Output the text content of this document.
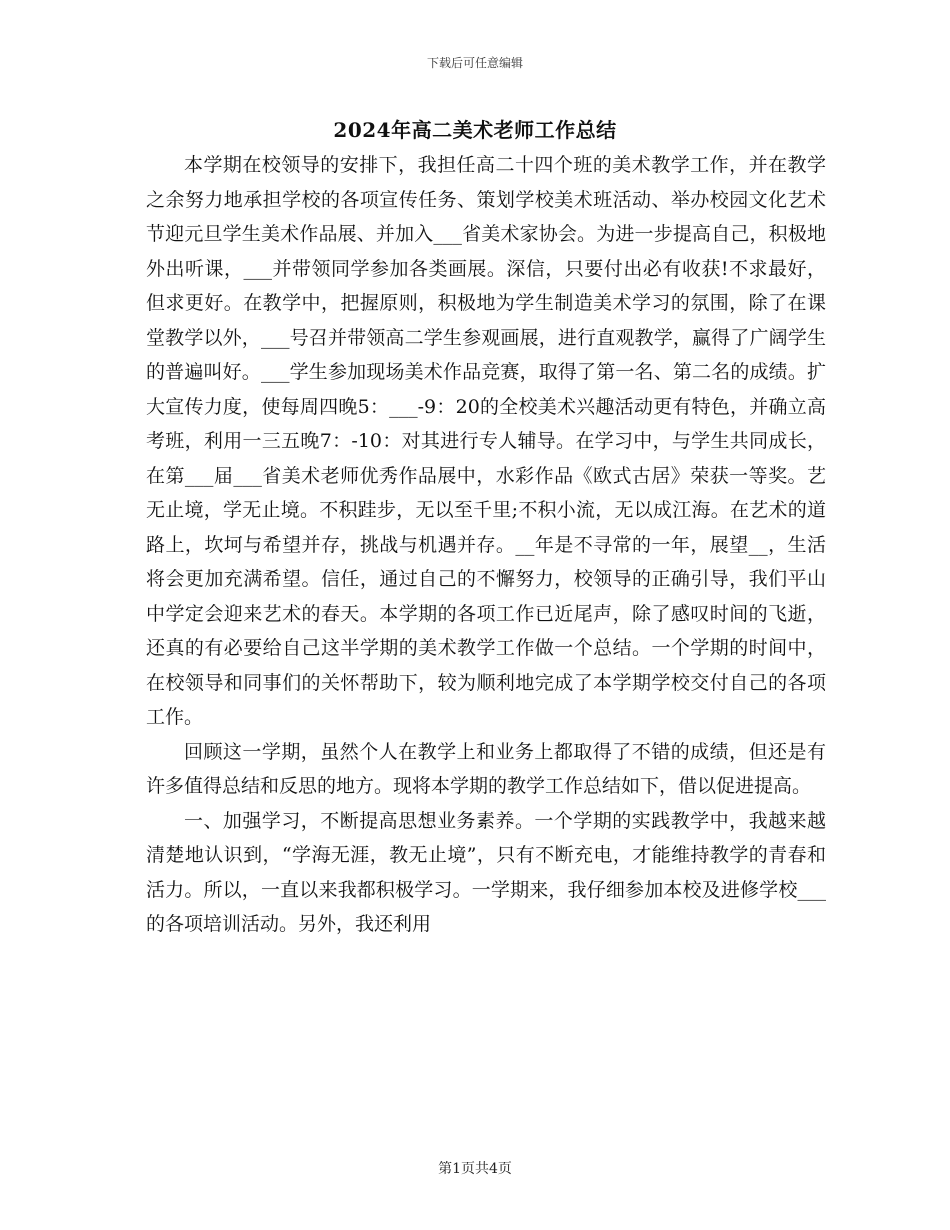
下载后可任意编辑
2024年高二美术老师工作总结

本学期在校领导的安排下，我担任高二十四个班的美术教学工作，并在教学之余努力地承担学校的各项宣传任务、策划学校美术班活动、举办校园文化艺术节迎元旦学生美术作品展、并加入___省美术家协会。为进一步提高自己，积极地外出听课，___并带领同学参加各类画展。深信，只要付出必有收获!不求最好，但求更好。在教学中，把握原则，积极地为学生制造美术学习的氛围，除了在课堂教学以外，___号召并带领高二学生参观画展，进行直观教学，赢得了广阔学生的普遍叫好。___学生参加现场美术作品竞赛，取得了第一名、第二名的成绩。扩大宣传力度，使每周四晚5：___-9：20的全校美术兴趣活动更有特色，并确立高考班，利用一三五晚7：-10：对其进行专人辅导。在学习中，与学生共同成长，在第___届___省美术老师优秀作品展中，水彩作品《欧式古居》荣获一等奖。艺无止境，学无止境。不积跬步，无以至千里;不积小流，无以成江海。在艺术的道路上，坎坷与希望并存，挑战与机遇并存。__年是不寻常的一年，展望__，生活将会更加充满希望。信任，通过自己的不懈努力，校领导的正确引导，我们平山中学定会迎来艺术的春天。本学期的各项工作已近尾声，除了感叹时间的飞逝，还真的有必要给自己这半学期的美术教学工作做一个总结。一个学期的时间中，在校领导和同事们的关怀帮助下，较为顺利地完成了本学期学校交付自己的各项工作。

回顾这一学期，虽然个人在教学上和业务上都取得了不错的成绩，但还是有许多值得总结和反思的地方。现将本学期的教学工作总结如下，借以促进提高。

一、加强学习，不断提高思想业务素养。一个学期的实践教学中，我越来越清楚地认识到，“学海无涯，教无止境”，只有不断充电，才能维持教学的青春和活力。所以，一直以来我都积极学习。一学期来，我仔细参加本校及进修学校___的各项培训活动。另外，我还利用

第1页共4页
